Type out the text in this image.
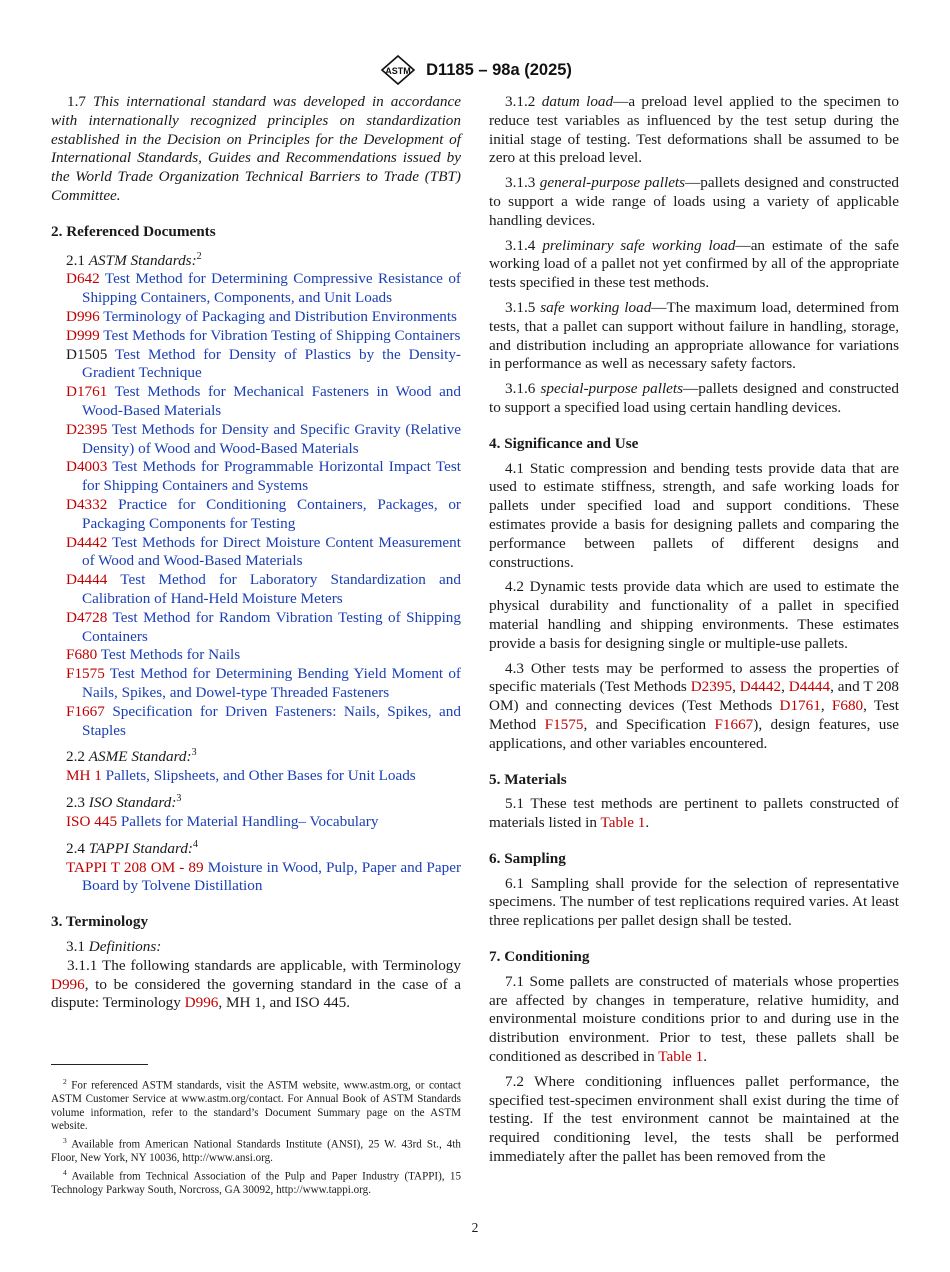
ASTM D1185 – 98a (2025)

1.7 This international standard was developed in accordance with internationally recognized principles on standardization established in the Decision on Principles for the Development of International Standards, Guides and Recommendations issued by the World Trade Organization Technical Barriers to Trade (TBT) Committee.

2. Referenced Documents
2.1 ASTM Standards:$^2$

D642 Test Method for Determining Compressive Resistance of Shipping Containers, Components, and Unit Loads

D996 Terminology of Packaging and Distribution Environments

D999 Test Methods for Vibration Testing of Shipping Containers

D1505 Test Method for Density of Plastics by the Density-Gradient Technique

D1761 Test Methods for Mechanical Fasteners in Wood and Wood-Based Materials

D2395 Test Methods for Density and Specific Gravity (Relative Density) of Wood and Wood-Based Materials

D4003 Test Methods for Programmable Horizontal Impact Test for Shipping Containers and Systems

D4332 Practice for Conditioning Containers, Packages, or Packaging Components for Testing

D4442 Test Methods for Direct Moisture Content Measurement of Wood and Wood-Based Materials

D4444 Test Method for Laboratory Standardization and Calibration of Hand-Held Moisture Meters

D4728 Test Method for Random Vibration Testing of Shipping Containers

F680 Test Methods for Nails

F1575 Test Method for Determining Bending Yield Moment of Nails, Spikes, and Dowel-type Threaded Fasteners

F1667 Specification for Driven Fasteners: Nails, Spikes, and Staples

2.2 ASME Standard:$^3$

MH 1 Pallets, Slipsheets, and Other Bases for Unit Loads

2.3 ISO Standard:$^3$

ISO 445 Pallets for Material Handling– Vocabulary

2.4 TAPPI Standard:$^4$

TAPPI T 208 OM - 89 Moisture in Wood, Pulp, Paper and Paper Board by Tolvene Distillation

3. Terminology
3.1 Definitions:

3.1.1 The following standards are applicable, with Terminology D996, to be considered the governing standard in the case of a dispute: Terminology D996, MH 1, and ISO 445.

$^2$ For referenced ASTM standards, visit the ASTM website, www.astm.org, or contact ASTM Customer Service at www.astm.org/contact. For Annual Book of ASTM Standards volume information, refer to the standard’s Document Summary page on the ASTM website.

$^3$ Available from American National Standards Institute (ANSI), 25 W. 43rd St., 4th Floor, New York, NY 10036, http://www.ansi.org.

$^4$ Available from Technical Association of the Pulp and Paper Industry (TAPPI), 15 Technology Parkway South, Norcross, GA 30092, http://www.tappi.org.

3.1.2 datum load—a preload level applied to the specimen to reduce test variables as influenced by the test setup during the initial stage of testing. Test deformations shall be assumed to be zero at this preload level.

3.1.3 general-purpose pallets—pallets designed and constructed to support a wide range of loads using a variety of applicable handling devices.

3.1.4 preliminary safe working load—an estimate of the safe working load of a pallet not yet confirmed by all of the appropriate tests specified in these test methods.

3.1.5 safe working load—The maximum load, determined from tests, that a pallet can support without failure in handling, storage, and distribution including an appropriate allowance for variations in performance as well as necessary safety factors.

3.1.6 special-purpose pallets—pallets designed and constructed to support a specified load using certain handling devices.

4. Significance and Use

4.1 Static compression and bending tests provide data that are used to estimate stiffness, strength, and safe working loads for pallets under specified load and support conditions. These estimates provide a basis for designing pallets and comparing the performance between pallets of different designs and constructions.

4.2 Dynamic tests provide data which are used to estimate the physical durability and functionality of a pallet in specified material handling and shipping environments. These estimates provide a basis for designing single or multiple-use pallets.

4.3 Other tests may be performed to assess the properties of specific materials (Test Methods D2395, D4442, D4444, and T 208 OM) and connecting devices (Test Methods D1761, F680, Test Method F1575, and Specification F1667), design features, use applications, and other variables encountered.

5. Materials

5.1 These test methods are pertinent to pallets constructed of materials listed in Table 1.

6. Sampling

6.1 Sampling shall provide for the selection of representative specimens. The number of test replications required varies. At least three replications per pallet design shall be tested.

7. Conditioning

7.1 Some pallets are constructed of materials whose properties are affected by changes in temperature, relative humidity, and environmental moisture conditions prior to and during use in the distribution environment. Prior to test, these pallets shall be conditioned as described in Table 1.

7.2 Where conditioning influences pallet performance, the specified test-specimen environment shall exist during the time of testing. If the test environment cannot be maintained at the required conditioning level, the tests shall be performed immediately after the pallet has been removed from the

2
